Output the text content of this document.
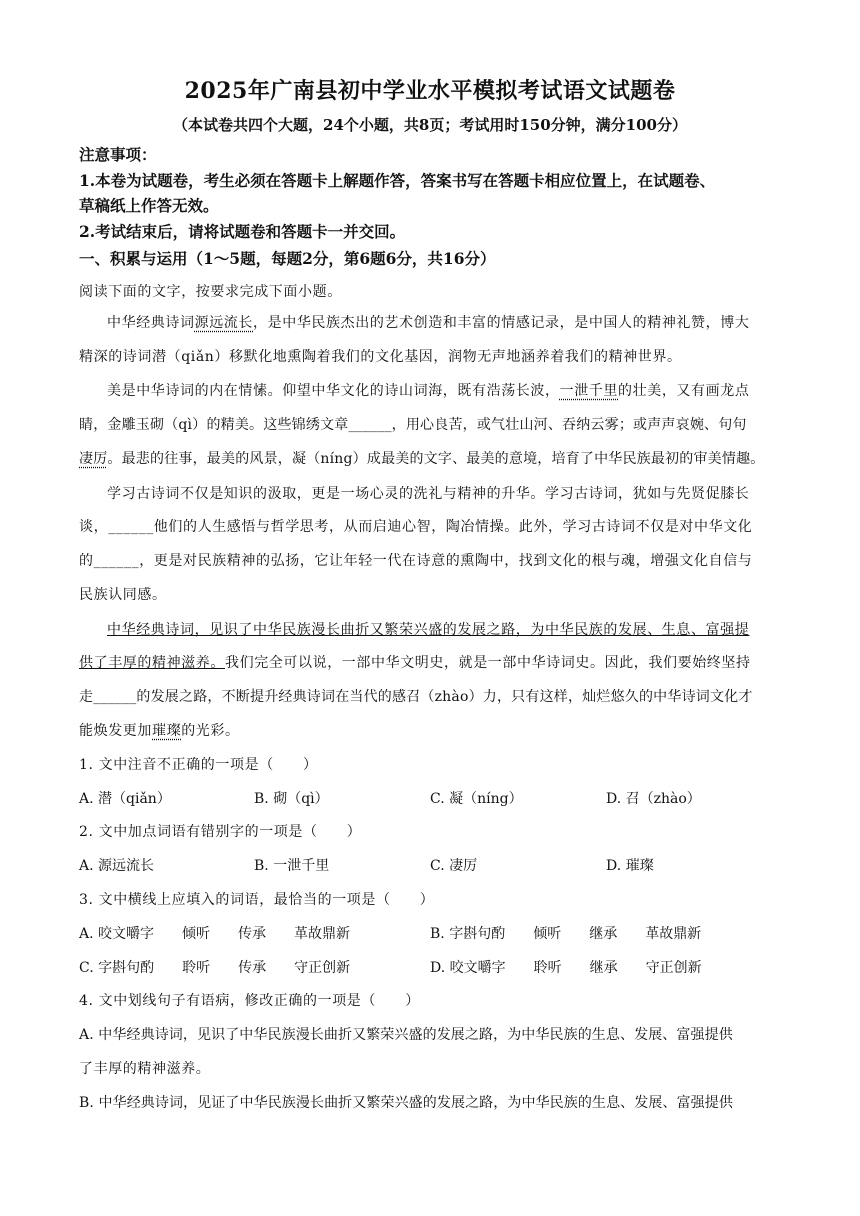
2025年广南县初中学业水平模拟考试语文试题卷
（本试卷共四个大题，24个小题，共8页；考试用时150分钟，满分100分）
注意事项：
1.本卷为试题卷，考生必须在答题卡上解题作答，答案书写在答题卡相应位置上，在试题卷、
草稿纸上作答无效。
2.考试结束后，请将试题卷和答题卡一并交回。
一、积累与运用（1～5题，每题2分，第6题6分，共16分）
阅读下面的文字，按要求完成下面小题。
中华经典诗词源远流长，是中华民族杰出的艺术创造和丰富的情感记录，是中国人的精神礼赞，博大
精深的诗词潜（qiǎn）移默化地熏陶着我们的文化基因，润物无声地涵养着我们的精神世界。
美是中华诗词的内在情愫。仰望中华文化的诗山词海，既有浩荡长波，一泄千里的壮美，又有画龙点
睛，金雕玉砌（qì）的精美。这些锦绣文章______，用心良苦，或气壮山河、吞纳云雾；或声声哀婉、句句
凄厉。最悲的往事，最美的风景，凝（níng）成最美的文字、最美的意境，培育了中华民族最初的审美情趣。
学习古诗词不仅是知识的汲取，更是一场心灵的洗礼与精神的升华。学习古诗词，犹如与先贤促膝长
谈，______他们的人生感悟与哲学思考，从而启迪心智，陶冶情操。此外，学习古诗词不仅是对中华文化
的______，更是对民族精神的弘扬，它让年轻一代在诗意的熏陶中，找到文化的根与魂，增强文化自信与
民族认同感。
中华经典诗词，见识了中华民族漫长曲折又繁荣兴盛的发展之路，为中华民族的发展、生息、富强提
供了丰厚的精神滋养。我们完全可以说，一部中华文明史，就是一部中华诗词史。因此，我们要始终坚持
走______的发展之路，不断提升经典诗词在当代的感召（zhào）力，只有这样，灿烂悠久的中华诗词文化才
能焕发更加璀璨的光彩。
1. 文中注音不正确的一项是（　　）
A. 潜（qiǎn）	B. 砌（qì）	C. 凝（níng）	D. 召（zhào）
2. 文中加点词语有错别字的一项是（　　）
A. 源远流长	B. 一泄千里	C. 凄厉	D. 璀璨
3. 文中横线上应填入的词语，最恰当的一项是（　　）
A. 咬文嚼字　　倾听　　传承　　革故鼎新	B. 字斟句酌　　倾听　　继承　　革故鼎新
C. 字斟句酌　　聆听　　传承　　守正创新	D. 咬文嚼字　　聆听　　继承　　守正创新
4. 文中划线句子有语病，修改正确的一项是（　　）
A. 中华经典诗词，见识了中华民族漫长曲折又繁荣兴盛的发展之路，为中华民族的生息、发展、富强提供
了丰厚的精神滋养。
B. 中华经典诗词，见证了中华民族漫长曲折又繁荣兴盛的发展之路，为中华民族的生息、发展、富强提供
